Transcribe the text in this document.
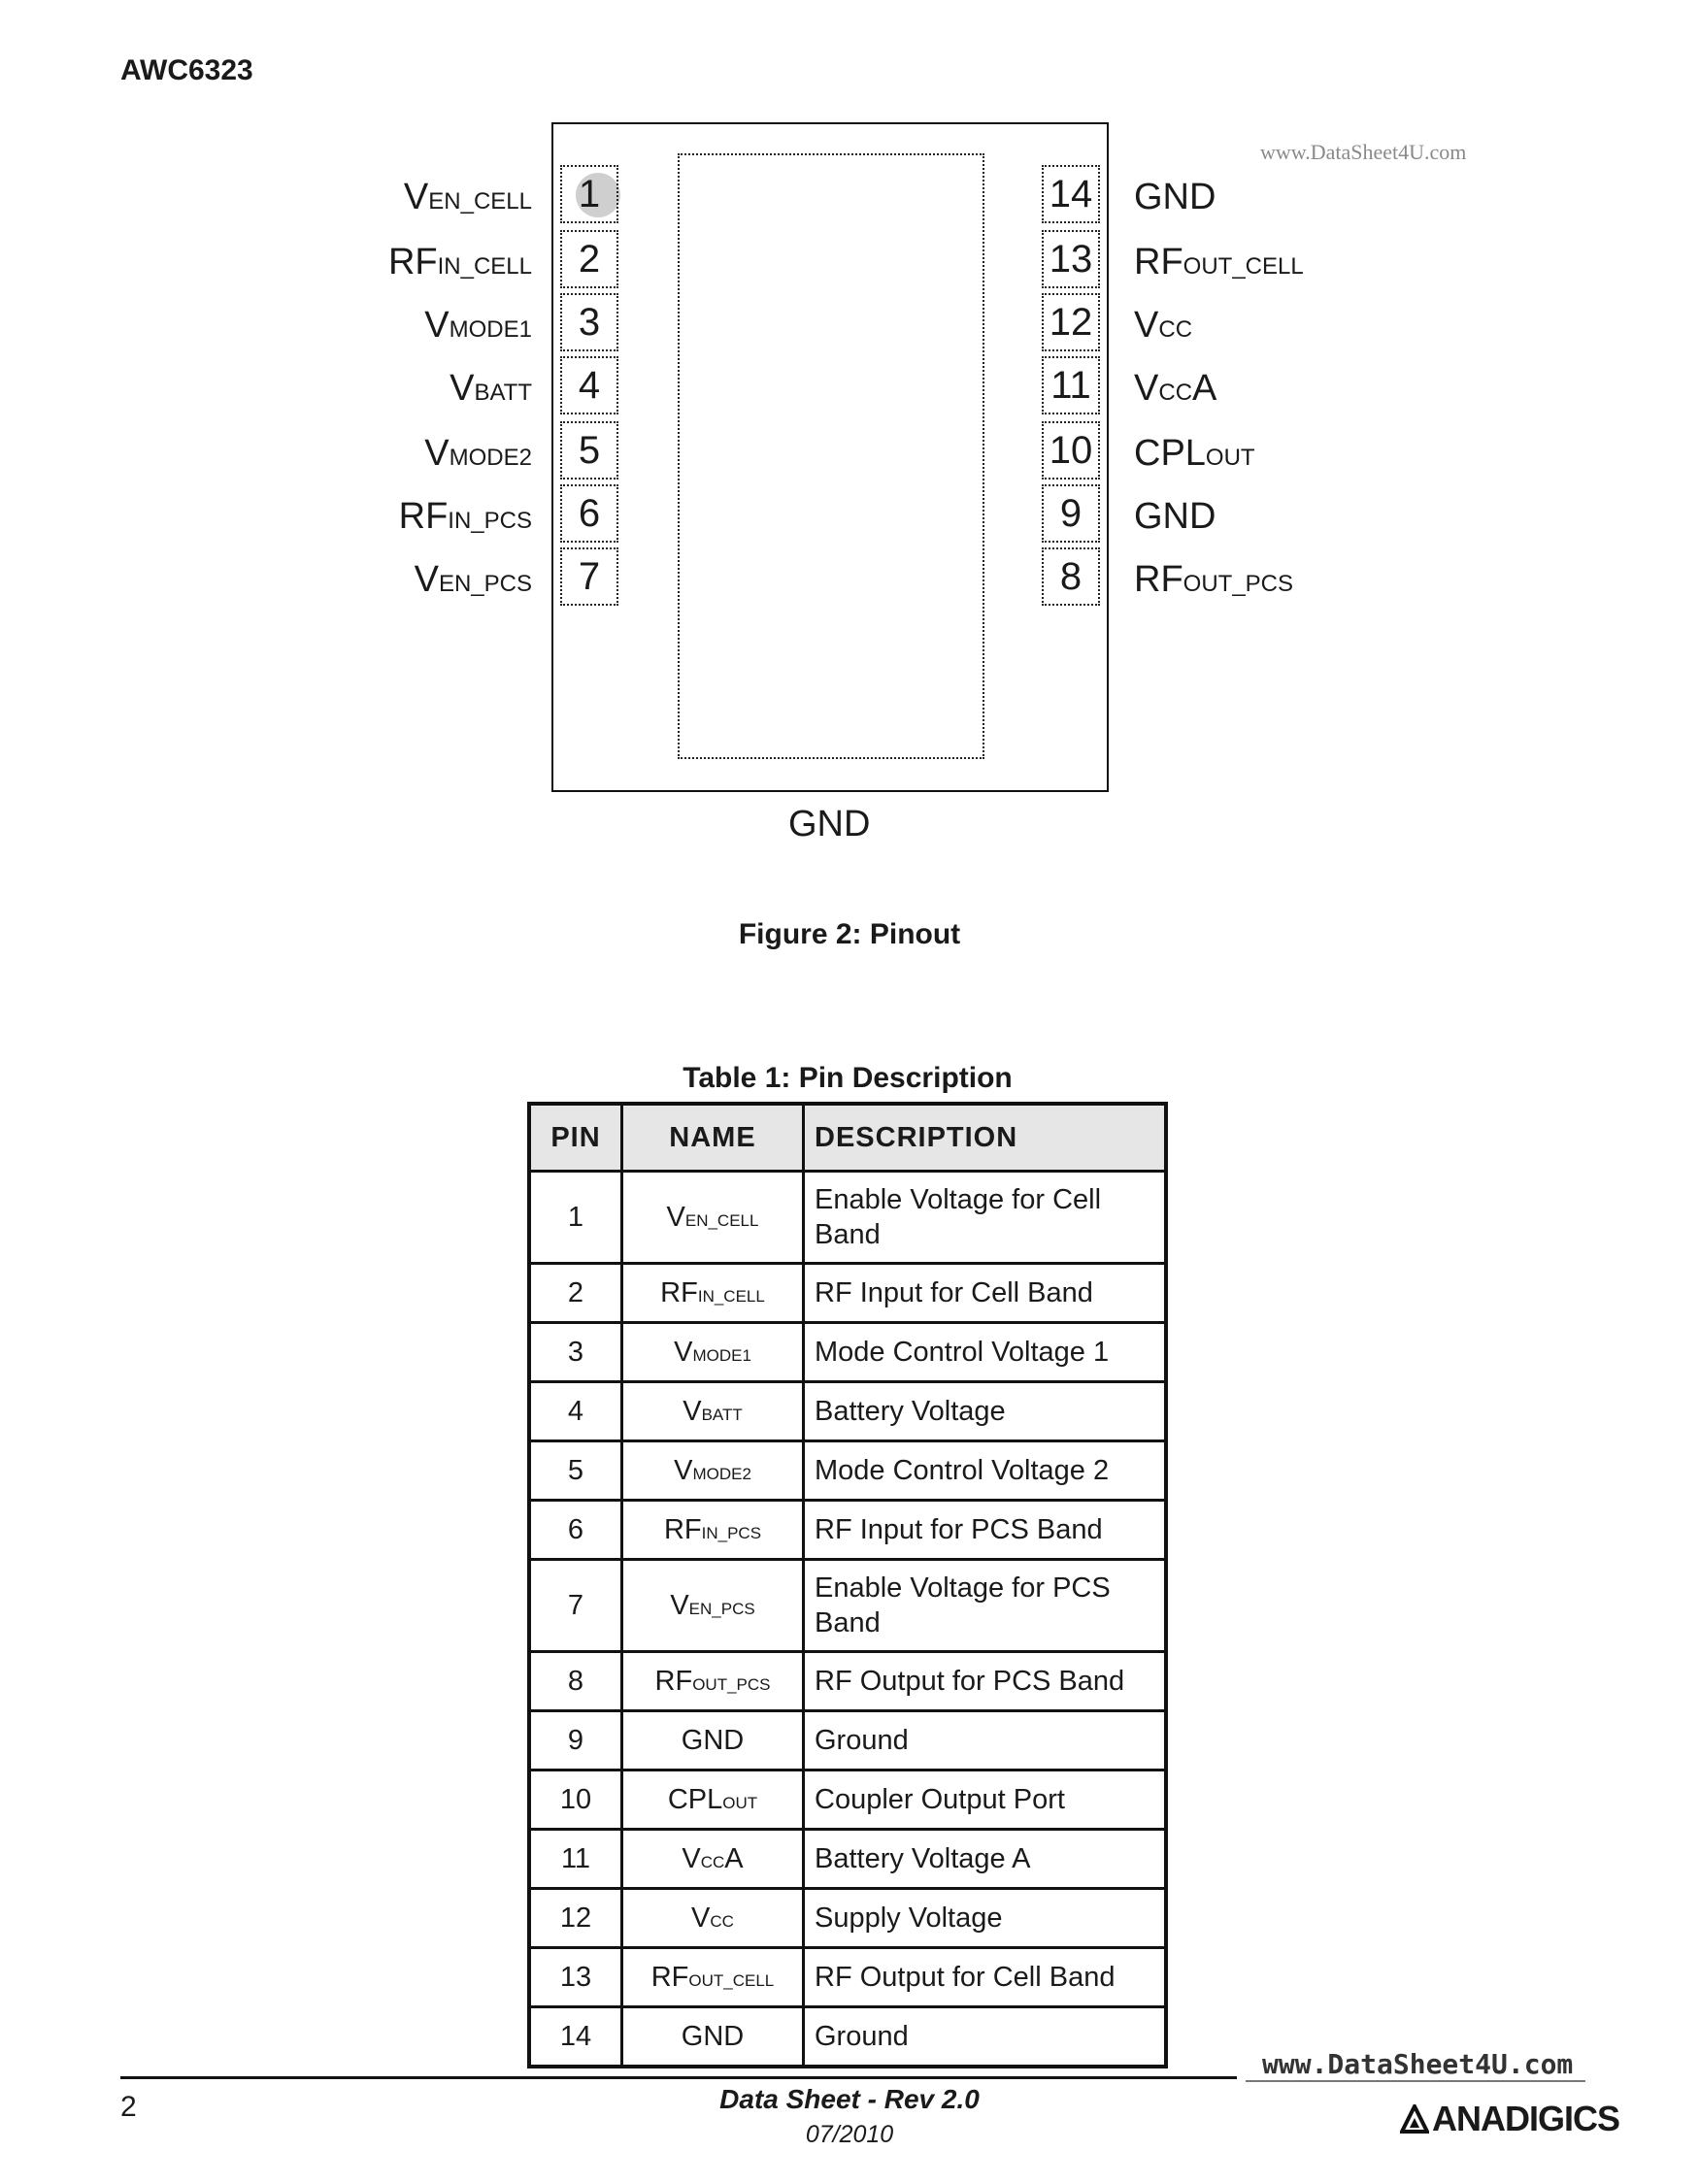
AWC6323
www.DataSheet4U.com
1
VEN_CELL
2
RFIN_CELL
3
VMODE1
4
VBATT
5
VMODE2
6
RFIN_PCS
7
VEN_PCS
14 GND
13 RFOUT_CELL
12 VCC
11 VCCA
10 CPLOUT
9 GND
8 RFOUT_PCS
GND
Figure 2: Pinout
Table 1: Pin Description
PIN	NAME	DESCRIPTION
1	VEN_CELL	Enable Voltage for Cell
Band
2	RFIN_CELL	RF Input for Cell Band
3	VMODE1	Mode Control Voltage 1
4	VBATT	Battery Voltage
5	VMODE2	Mode Control Voltage 2
6	RFIN_PCS	RF Input for PCS Band
7	VEN_PCS	Enable Voltage for PCS
Band
8	RFOUT_PCS	RF Output for PCS Band
9	GND	Ground
10	CPLOUT	Coupler Output Port
11	VCCA	Battery Voltage A
12	VCC	Supply Voltage
13	RFOUT_CELL	RF Output for Cell Band
14	GND	Ground
www.DataSheet4U.com
2	Data Sheet - Rev 2.0
07/2010	ANADIGICS
